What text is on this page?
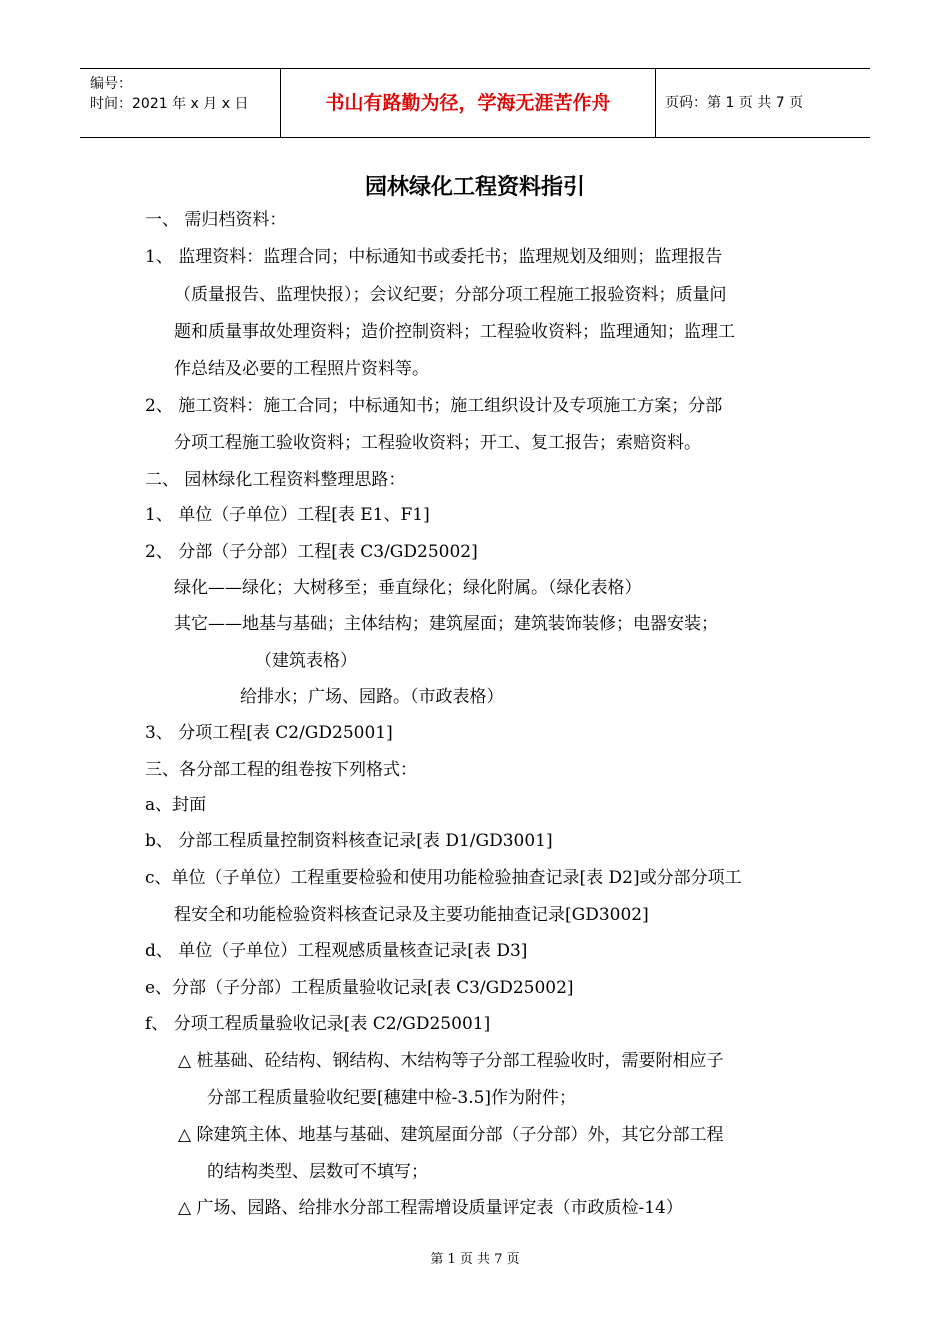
编号：
时间：2021 年 x 月 x 日	书山有路勤为径，学海无涯苦作舟	页码：第 1 页 共 7 页
园林绿化工程资料指引
一、 需归档资料：
1、 监理资料：监理合同；中标通知书或委托书；监理规划及细则；监理报告
（质量报告、监理快报）；会议纪要；分部分项工程施工报验资料；质量问
题和质量事故处理资料；造价控制资料；工程验收资料；监理通知；监理工
作总结及必要的工程照片资料等。
2、 施工资料：施工合同；中标通知书；施工组织设计及专项施工方案；分部
分项工程施工验收资料；工程验收资料；开工、复工报告；索赔资料。
二、 园林绿化工程资料整理思路：
1、 单位（子单位）工程[表 E1、F1]
2、 分部（子分部）工程[表 C3/GD25002]
绿化——绿化；大树移至；垂直绿化；绿化附属。（绿化表格）
其它——地基与基础；主体结构；建筑屋面；建筑装饰装修；电器安装；
（建筑表格）
给排水；广场、园路。（市政表格）
3、 分项工程[表 C2/GD25001]
三、各分部工程的组卷按下列格式：
a、封面
b、 分部工程质量控制资料核查记录[表 D1/GD3001]
c、单位（子单位）工程重要检验和使用功能检验抽查记录[表 D2]或分部分项工
程安全和功能检验资料核查记录及主要功能抽查记录[GD3002]
d、 单位（子单位）工程观感质量核查记录[表 D3]
e、分部（子分部）工程质量验收记录[表 C3/GD25002]
f、 分项工程质量验收记录[表 C2/GD25001]
△ 桩基础、砼结构、钢结构、木结构等子分部工程验收时，需要附相应子
分部工程质量验收纪要[穗建中检-3.5]作为附件；
△ 除建筑主体、地基与基础、建筑屋面分部（子分部）外，其它分部工程
的结构类型、层数可不填写；
△ 广场、园路、给排水分部工程需增设质量评定表（市政质检-14）
第 1 页 共 7 页
